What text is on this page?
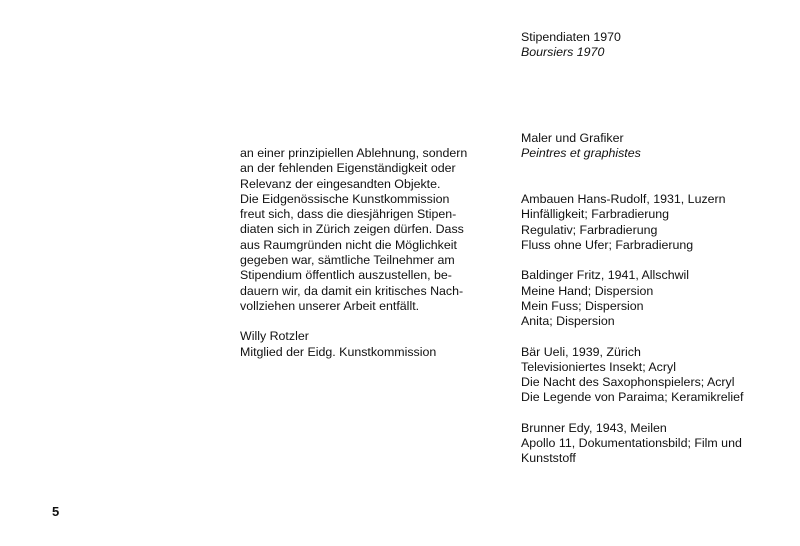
an einer prinzipiellen Ablehnung, sondern
an der fehlenden Eigenständigkeit oder
Relevanz der eingesandten Objekte.
Die Eidgenössische Kunstkommission
freut sich, dass die diesjährigen Stipen-
diaten sich in Zürich zeigen dürfen. Dass
aus Raumgründen nicht die Möglichkeit
gegeben war, sämtliche Teilnehmer am
Stipendium öffentlich auszustellen, be-
dauern wir, da damit ein kritisches Nach-
vollziehen unserer Arbeit entfällt.
Willy Rotzler
Mitglied der Eidg. Kunstkommission
Stipendiaten 1970
Boursiers 1970
Maler und Grafiker
Peintres et graphistes
Ambauen Hans-Rudolf, 1931, Luzern
Hinfälligkeit; Farbradierung
Regulativ; Farbradierung
Fluss ohne Ufer; Farbradierung
Baldinger Fritz, 1941, Allschwil
Meine Hand; Dispersion
Mein Fuss; Dispersion
Anita; Dispersion
Bär Ueli, 1939, Zürich
Televisioniertes Insekt; Acryl
Die Nacht des Saxophonspielers; Acryl
Die Legende von Paraima; Keramikrelief
Brunner Edy, 1943, Meilen
Apollo 11, Dokumentationsbild; Film und
Kunststoff
5
